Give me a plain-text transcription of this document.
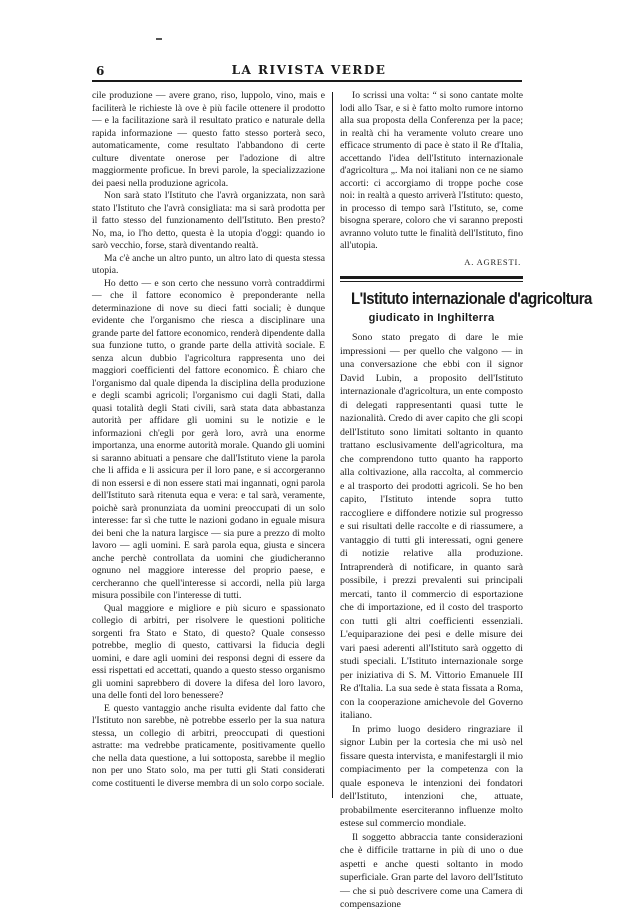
6	LA RIVISTA VERDE

cile produzione — avere grano, riso, luppolo, vino, mais e faciliterà le richieste là ove è più facile ottenere il prodotto — e la facilitazione sarà il resultato pratico e naturale della rapida informazione — questo fatto stesso porterà seco, automaticamente, come resultato l'abbandono di certe culture diventate onerose per l'adozione di altre maggiormente proficue. In brevi parole, la specializzazione dei paesi nella produzione agricola.

Non sarà stato l'Istituto che l'avrà organizzata, non sarà stato l'Istituto che l'avrà consigliata: ma si sarà prodotta per il fatto stesso del funzionamento dell'Istituto. Ben presto? No, ma, io l'ho detto, questa è la utopia d'oggi: quando io sarò vecchio, forse, starà diventando realtà.

Ma c'è anche un altro punto, un altro lato di questa stessa utopia.

Ho detto — e son certo che nessuno vorrà contraddirmi — che il fattore economico è preponderante nella determinazione di nove su dieci fatti sociali; è dunque evidente che l'organismo che riesca a disciplinare una grande parte del fattore economico, renderà dipendente dalla sua funzione tutto, o grande parte della attività sociale. E senza alcun dubbio l'agricoltura rappresenta uno dei maggiori coefficienti del fattore economico. È chiaro che l'organismo dal quale dipenda la disciplina della produzione e degli scambi agricoli; l'organismo cui dagli Stati, dalla quasi totalità degli Stati civili, sarà stata data abbastanza autorità per affidare gli uomini su le notizie e le informazioni ch'egli por gerà loro, avrà una enorme importanza, una enorme autorità morale. Quando gli uomini si saranno abituati a pensare che dall'Istituto viene la parola che li affida e li assicura per il loro pane, e si accorgeranno di non essersi e di non essere stati mai ingannati, ogni parola dell'Istituto sarà ritenuta equa e vera: e tal sarà, veramente, poichè sarà pronunziata da uomini preoccupati di un solo interesse: far sì che tutte le nazioni godano in eguale misura dei beni che la natura largisce — sia pure a prezzo di molto lavoro — agli uomini. E sarà parola equa, giusta e sincera anche perchè controllata da uomini che giudicheranno ognuno nel maggiore interesse del proprio paese, e cercheranno che quell'interesse si accordi, nella più larga misura possibile con l'interesse di tutti.

Qual maggiore e migliore e più sicuro e spassionato collegio di arbitri, per risolvere le questioni politiche sorgenti fra Stato e Stato, di questo? Quale consesso potrebbe, meglio di questo, cattivarsi la fiducia degli uomini, e dare agli uomini dei responsi degni di essere da essi rispettati ed accettati, quando a questo stesso organismo gli uomini saprebbero di dovere la difesa del loro lavoro, una delle fonti del loro benessere?

E questo vantaggio anche risulta evidente dal fatto che l'Istituto non sarebbe, nè potrebbe esserlo per la sua natura stessa, un collegio di arbitri, preoccupati di questioni astratte: ma vedrebbe praticamente, positivamente quello che nella data questione, a lui sottoposta, sarebbe il meglio non per uno Stato solo, ma per tutti gli Stati considerati come costituenti le diverse membra di un solo corpo sociale.

Io scrissi una volta: “ si sono cantate molte lodi allo Tsar, e si è fatto molto rumore intorno alla sua proposta della Conferenza per la pace; in realtà chi ha veramente voluto creare uno efficace strumento di pace è stato il Re d'Italia, accettando l'idea dell'Istituto internazionale d'agricoltura „. Ma noi italiani non ce ne siamo accorti: ci accorgiamo di troppe poche cose noi: in realtà a questo arriverà l'Istituto: questo, in processo di tempo sarà l'Istituto, se, come bisogna sperare, coloro che vi saranno preposti avranno voluto tutte le finalità dell'Istituto, fino all'utopia.

A. AGRESTI.

L'Istituto internazionale d'agricoltura
giudicato in Inghilterra

Sono stato pregato di dare le mie impressioni — per quello che valgono — in una conversazione che ebbi con il signor David Lubin, a proposito dell'Istituto internazionale d'agricoltura, un ente composto di delegati rappresentanti quasi tutte le nazionalità. Credo di aver capito che gli scopi dell'Istituto sono limitati soltanto in quanto trattano esclusivamente dell'agricoltura, ma che comprendono tutto quanto ha rapporto alla coltivazione, alla raccolta, al commercio e al trasporto dei prodotti agricoli. Se ho ben capito, l'Istituto intende sopra tutto raccogliere e diffondere notizie sul progresso e sui risultati delle raccolte e di riassumere, a vantaggio di tutti gli interessati, ogni genere di notizie relative alla produzione. Intraprenderà di notificare, in quanto sarà possibile, i prezzi prevalenti sui principali mercati, tanto il commercio di esportazione che di importazione, ed il costo del trasporto con tutti gli altri coefficienti essenziali. L'equiparazione dei pesi e delle misure dei vari paesi aderenti all'Istituto sarà oggetto di studi speciali. L'Istituto internazionale sorge per iniziativa di S. M. Vittorio Emanuele III Re d'Italia. La sua sede è stata fissata a Roma, con la cooperazione amichevole del Governo italiano.

In primo luogo desidero ringraziare il signor Lubin per la cortesia che mi usò nel fissare questa intervista, e manifestargli il mio compiacimento per la competenza con la quale esponeva le intenzioni dei fondatori dell'Istituto, intenzioni che, attuate, probabilmente eserciteranno influenze molto estese sul commercio mondiale.

Il soggetto abbraccia tante considerazioni che è difficile trattarne in più di uno o due aspetti e anche questi soltanto in modo superficiale. Gran parte del lavoro dell'Istituto — che si può descrivere come una Camera di compensazione
